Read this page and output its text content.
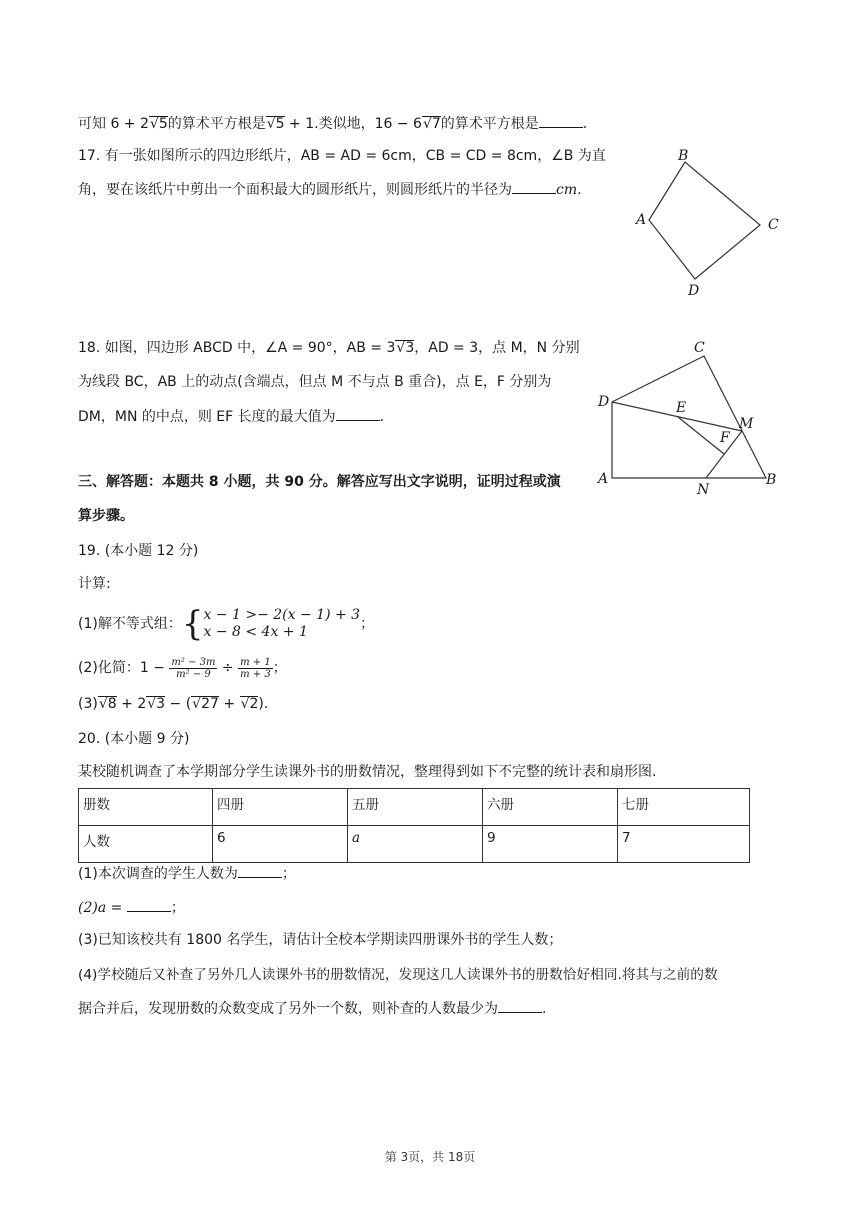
可知 6 + 2√5的算术平方根是√5 + 1.类似地，16 − 6√7的算术平方根是	.
17. 有一张如图所示的四边形纸片，AB = AD = 6cm，CB = CD = 8cm，∠B 为直
角，要在该纸片中剪出一个面积最大的圆形纸片，则圆形纸片的半径为	cm.
B
A	C
D
18. 如图，四边形 ABCD 中，∠A = 90°，AB = 3√3，AD = 3，点 M，N 分别
为线段 BC，AB 上的动点(含端点，但点 M 不与点 B 重合)，点 E，F 分别为
DM，MN 的中点，则 EF 长度的最大值为	.
C
D	E
M
F
A
N
B
三、解答题：本题共 8 小题，共 90 分。解答应写出文字说明，证明过程或演
算步骤。
19. (本小题 12 分)
计算:
(1)解不等式组：{ x − 1 >− 2(x − 1) + 3
x − 8 < 4x + 1	；
(2)化简：$1 - \frac{\text{m² − 3m}}{\text{m² − 9}} \div \frac{m + 1}{m + 3}$ ；
(3)√8 + 2√3 − (√27 + √2).
20. (本小题 9 分)
某校随机调查了本学期部分学生读课外书的册数情况，整理得到如下不完整的统计表和扇形图.
册数	四册	五册	六册	七册
人数	6	a	9	7
(1)本次调查的学生人数为	；
(2)a =	；
(3)已知该校共有 1800 名学生，请估计全校本学期读四册课外书的学生人数；
(4)学校随后又补查了另外几人读课外书的册数情况，发现这几人读课外书的册数恰好相同.将其与之前的数
据合并后，发现册数的众数变成了另外一个数，则补查的人数最少为	.
第 3页，共 18页
